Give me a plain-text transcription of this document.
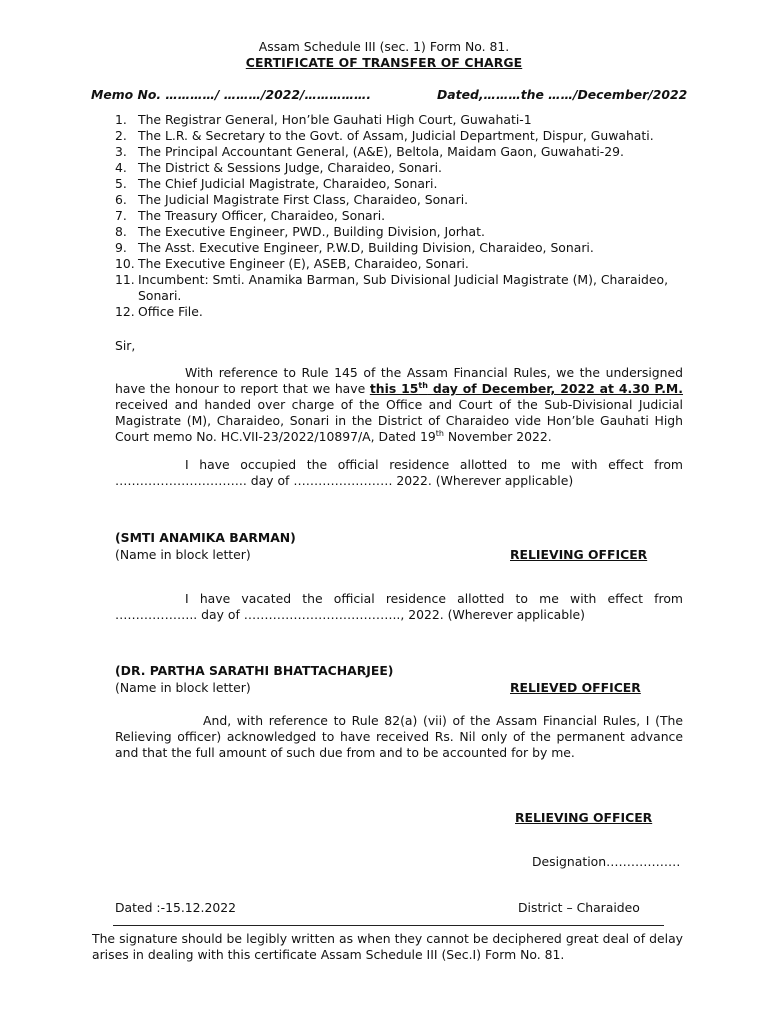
Assam Schedule III (sec. 1) Form No. 81.
CERTIFICATE OF TRANSFER OF CHARGE
Memo No. …………/ ………/2022/…………….	Dated,………the ……/December/2022
1. The Registrar General, Hon’ble Gauhati High Court, Guwahati-1
2. The L.R. & Secretary to the Govt. of Assam, Judicial Department, Dispur, Guwahati.
3. The Principal Accountant General, (A&E), Beltola, Maidam Gaon, Guwahati-29.
4. The District & Sessions Judge, Charaideo, Sonari.
5. The Chief Judicial Magistrate, Charaideo, Sonari.
6. The Judicial Magistrate First Class, Charaideo, Sonari.
7. The Treasury Officer, Charaideo, Sonari.
8. The Executive Engineer, PWD., Building Division, Jorhat.
9. The Asst. Executive Engineer, P.W.D, Building Division, Charaideo, Sonari.
10. The Executive Engineer (E), ASEB, Charaideo, Sonari.
11. Incumbent: Smti. Anamika Barman, Sub Divisional Judicial Magistrate (M), Charaideo, Sonari.
12. Office File.
Sir,
With reference to Rule 145 of the Assam Financial Rules, we the undersigned have the honour to report that we have this 15th day of December, 2022 at 4.30 P.M. received and handed over charge of the Office and Court of the Sub-Divisional Judicial Magistrate (M), Charaideo, Sonari in the District of Charaideo vide Hon’ble Gauhati High Court memo No. HC.VII-23/2022/10897/A, Dated 19th November 2022.
I have occupied the official residence allotted to me with effect from ………………………….. day of …………………… 2022. (Wherever applicable)
(SMTI ANAMIKA BARMAN)
(Name in block letter)	RELIEVING OFFICER
I have vacated the official residence allotted to me with effect from ……………….. day of ……………………………….., 2022. (Wherever applicable)
(DR. PARTHA SARATHI BHATTACHARJEE)
(Name in block letter)	RELIEVED OFFICER
And, with reference to Rule 82(a) (vii) of the Assam Financial Rules, I (The Relieving officer) acknowledged to have received Rs. Nil only of the permanent advance and that the full amount of such due from and to be accounted for by me.
RELIEVING OFFICER
Designation………………
Dated :-15.12.2022	District – Charaideo
The signature should be legibly written as when they cannot be deciphered great deal of delay arises in dealing with this certificate Assam Schedule III (Sec.I) Form No. 81.
